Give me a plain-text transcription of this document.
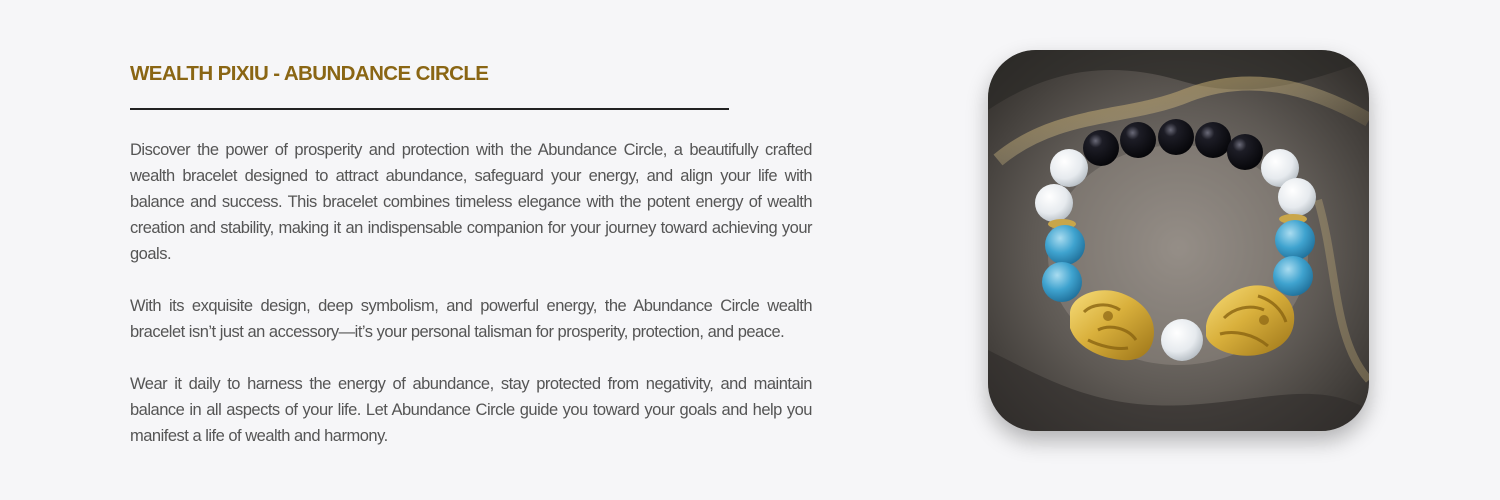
WEALTH PIXIU - ABUNDANCE CIRCLE

Discover the power of prosperity and protection with the Abundance Circle, a beautifully crafted wealth bracelet designed to attract abundance, safeguard your energy, and align your life with balance and success. This bracelet combines timeless elegance with the potent energy of wealth creation and stability, making it an indispensable companion for your journey toward achieving your goals.

With its exquisite design, deep symbolism, and powerful energy, the Abundance Circle wealth bracelet isn’t just an accessory—it’s your personal talisman for prosperity, protection, and peace.

Wear it daily to harness the energy of abundance, stay protected from negativity, and maintain balance in all aspects of your life. Let Abundance Circle guide you toward your goals and help you manifest a life of wealth and harmony.
